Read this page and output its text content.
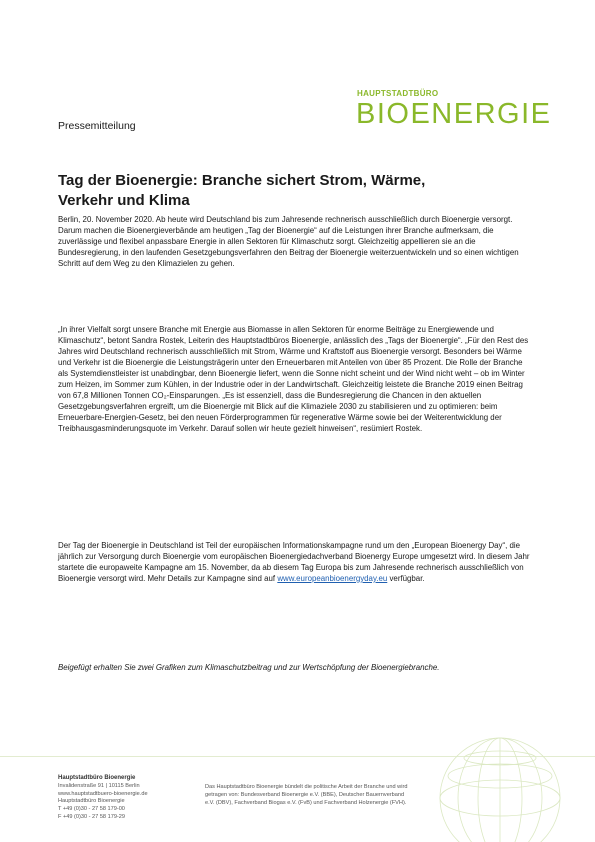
HAUPTSTADTBÜRO
BIOENERGIE
Pressemitteilung
Tag der Bioenergie: Branche sichert Strom, Wärme, Verkehr und Klima
Berlin, 20. November 2020. Ab heute wird Deutschland bis zum Jahresende rechnerisch ausschließlich durch Bioenergie versorgt. Darum machen die Bioenergieverbände am heutigen „Tag der Bioenergie“ auf die Leistungen ihrer Branche aufmerksam, die zuverlässige und flexibel anpassbare Energie in allen Sektoren für Klimaschutz sorgt. Gleichzeitig appellieren sie an die Bundesregierung, in den laufenden Gesetzgebungsverfahren den Beitrag der Bioenergie weiterzuentwickeln und so einen wichtigen Schritt auf dem Weg zu den Klimazielen zu gehen.
„In ihrer Vielfalt sorgt unsere Branche mit Energie aus Biomasse in allen Sektoren für enorme Beiträge zu Energiewende und Klimaschutz“, betont Sandra Rostek, Leiterin des Hauptstadtbüros Bioenergie, anlässlich des „Tags der Bioenergie“. „Für den Rest des Jahres wird Deutschland rechnerisch ausschließlich mit Strom, Wärme und Kraftstoff aus Bioenergie versorgt. Besonders bei Wärme und Verkehr ist die Bioenergie die Leistungsträgerin unter den Erneuerbaren mit Anteilen von über 85 Prozent. Die Rolle der Branche als Systemdienstleister ist unabdingbar, denn Bioenergie liefert, wenn die Sonne nicht scheint und der Wind nicht weht – ob im Winter zum Heizen, im Sommer zum Kühlen, in der Industrie oder in der Landwirtschaft. Gleichzeitig leistete die Branche 2019 einen Beitrag von 67,8 Millionen Tonnen CO₂-Einsparungen. „Es ist essenziell, dass die Bundesregierung die Chancen in den aktuellen Gesetzgebungsverfahren ergreift, um die Bioenergie mit Blick auf die Klimaziele 2030 zu stabilisieren und zu optimieren: beim Erneuerbare-Energien-Gesetz, bei den neuen Förderprogrammen für regenerative Wärme sowie bei der Weiterentwicklung der Treibhausgasminderungsquote im Verkehr. Darauf sollen wir heute gezielt hinweisen“, resümiert Rostek.
Der Tag der Bioenergie in Deutschland ist Teil der europäischen Informationskampagne rund um den „European Bioenergy Day“, die jährlich zur Versorgung durch Bioenergie vom europäischen Bioenergiedachverband Bioenergy Europe umgesetzt wird. In diesem Jahr startete die europaweite Kampagne am 15. November, da ab diesem Tag Europa bis zum Jahresende rechnerisch ausschließlich von Bioenergie versorgt wird. Mehr Details zur Kampagne sind auf www.europeanbioenergyday.eu verfügbar.
Beigefügt erhalten Sie zwei Grafiken zum Klimaschutzbeitrag und zur Wertschöpfung der Bioenergiebranche.
Hauptstadtbüro Bioenergie
Invalidenstraße 91 | 10115 Berlin
www.hauptstadtbuero-bioenergie.de
Hauptstadtbüro Bioenergie
T +49 (0)30 - 27 58 179-00
F +49 (0)30 - 27 58 179-29
Das Hauptstadtbüro Bioenergie bündelt die politische Arbeit der Branche und wird getragen von: Bundesverband Bioenergie e.V. (BBE), Deutscher Bauernverband e.V. (DBV), Fachverband Biogas e.V. (FvB) und Fachverband Holzenergie (FVH).
